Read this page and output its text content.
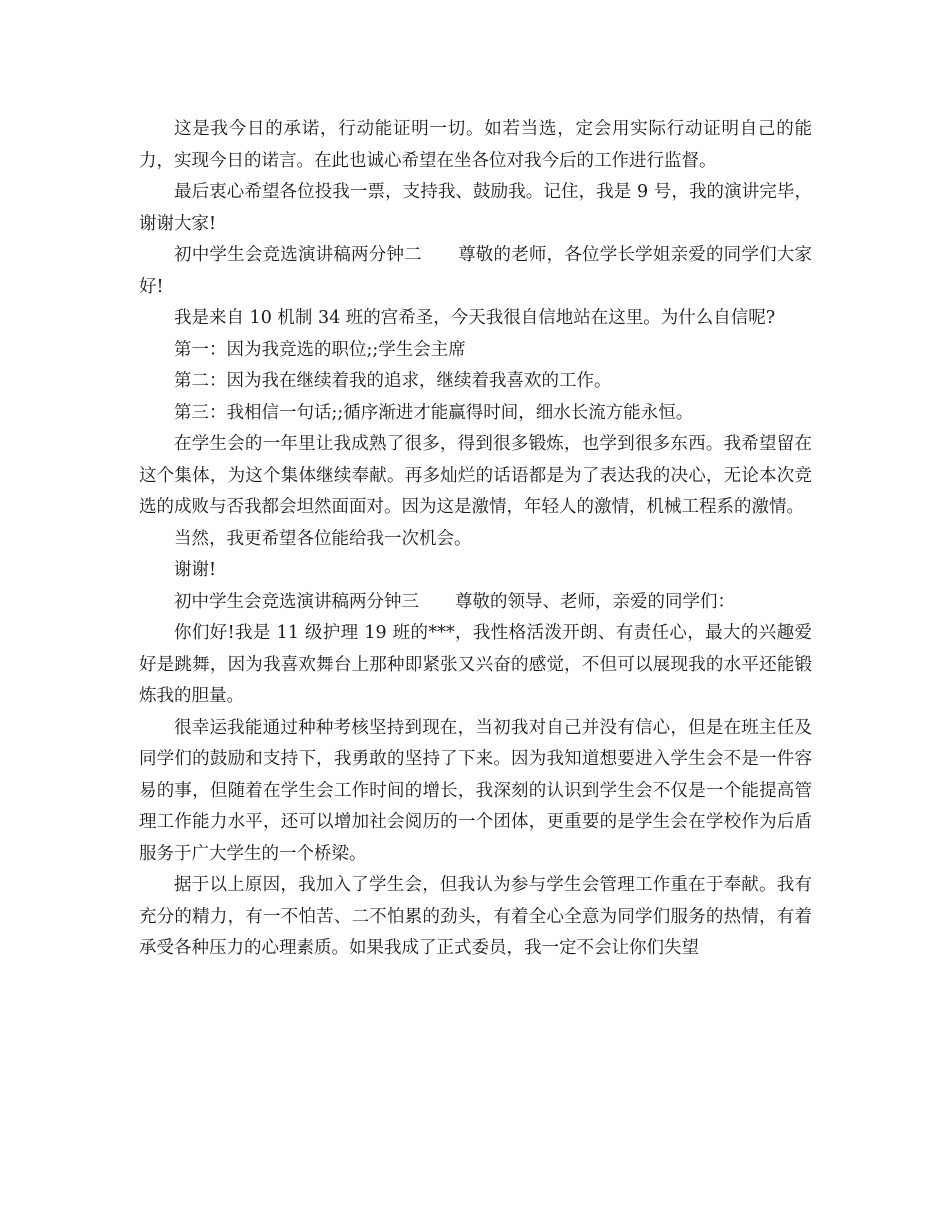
这是我今日的承诺，行动能证明一切。如若当选，定会用实际行动证明自己的能力，实现今日的诺言。在此也诚心希望在坐各位对我今后的工作进行监督。

最后衷心希望各位投我一票，支持我、鼓励我。记住，我是 9 号，我的演讲完毕，谢谢大家!

初中学生会竞选演讲稿两分钟二 尊敬的老师，各位学长学姐亲爱的同学们大家好!

我是来自 10 机制 34 班的宫希圣，今天我很自信地站在这里。为什么自信呢?

第一：因为我竞选的职位;;学生会主席

第二：因为我在继续着我的追求，继续着我喜欢的工作。

第三：我相信一句话;;循序渐进才能赢得时间，细水长流方能永恒。

在学生会的一年里让我成熟了很多，得到很多锻炼，也学到很多东西。我希望留在这个集体，为这个集体继续奉献。再多灿烂的话语都是为了表达我的决心，无论本次竞选的成败与否我都会坦然面面对。因为这是激情，年轻人的激情，机械工程系的激情。

当然，我更希望各位能给我一次机会。

谢谢!

初中学生会竞选演讲稿两分钟三 尊敬的领导、老师，亲爱的同学们：

你们好!我是 11 级护理 19 班的***，我性格活泼开朗、有责任心，最大的兴趣爱好是跳舞，因为我喜欢舞台上那种即紧张又兴奋的感觉，不但可以展现我的水平还能锻炼我的胆量。

很幸运我能通过种种考核坚持到现在，当初我对自己并没有信心，但是在班主任及同学们的鼓励和支持下，我勇敢的坚持了下来。因为我知道想要进入学生会不是一件容易的事，但随着在学生会工作时间的增长，我深刻的认识到学生会不仅是一个能提高管理工作能力水平，还可以增加社会阅历的一个团体，更重要的是学生会在学校作为后盾服务于广大学生的一个桥梁。

据于以上原因，我加入了学生会，但我认为参与学生会管理工作重在于奉献。我有充分的精力，有一不怕苦、二不怕累的劲头，有着全心全意为同学们服务的热情，有着承受各种压力的心理素质。如果我成了正式委员，我一定不会让你们失望
